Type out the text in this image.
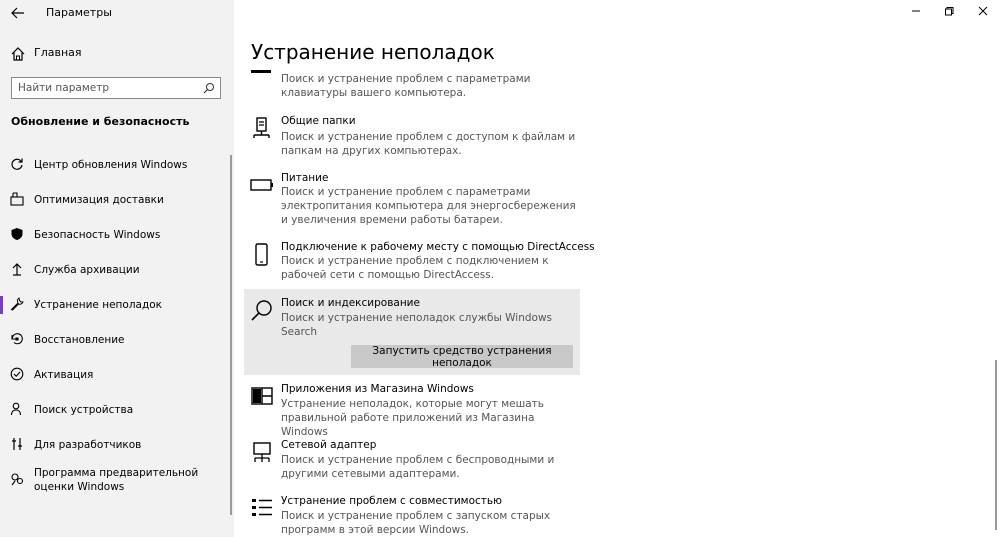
Параметры
Главная
Найти параметр
Обновление и безопасность
Центр обновления Windows
Оптимизация доставки
Безопасность Windows
Служба архивации
Устранение неполадок
Восстановление
Активация
Поиск устройства
Для разработчиков
Программа предварительной оценки Windows
Устранение неполадок
Поиск и устранение проблем с параметрами клавиатуры вашего компьютера.
Общие папки
Поиск и устранение проблем с доступом к файлам и папкам на других компьютерах.
Питание
Поиск и устранение проблем с параметрами электропитания компьютера для энергосбережения и увеличения времени работы батареи.
Подключение к рабочему месту с помощью DirectAccess
Поиск и устранение проблем с подключением к рабочей сети с помощью DirectAccess.
Поиск и индексирование
Поиск и устранение неполадок службы Windows Search
Запустить средство устранения неполадок
Приложения из Магазина Windows
Устранение неполадок, которые могут мешать правильной работе приложений из Магазина Windows
Сетевой адаптер
Поиск и устранение проблем с беспроводными и другими сетевыми адаптерами.
Устранение проблем с совместимостью
Поиск и устранение проблем с запуском старых программ в этой версии Windows.
